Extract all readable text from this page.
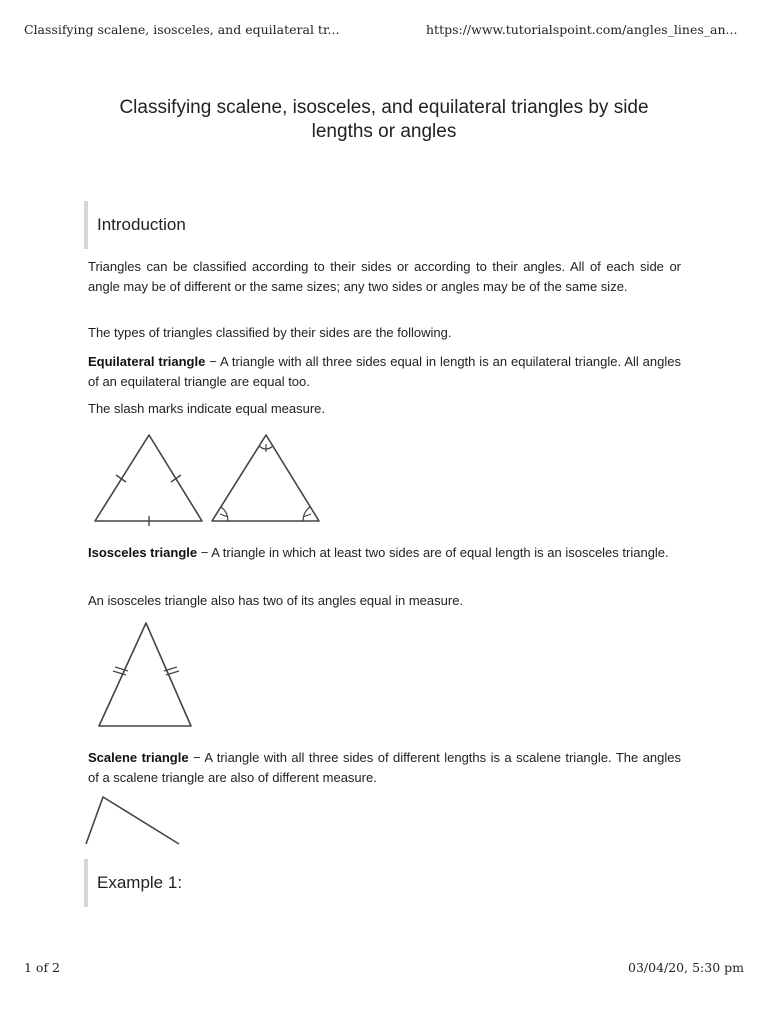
Classifying scalene, isosceles, and equilateral tr...	https://www.tutorialspoint.com/angles_lines_an...
Classifying scalene, isosceles, and equilateral triangles by side lengths or angles
Introduction

Triangles can be classified according to their sides or according to their angles. All of each side or angle may be of different or the same sizes; any two sides or angles may be of the same size.

The types of triangles classified by their sides are the following.

Equilateral triangle − A triangle with all three sides equal in length is an equilateral triangle. All angles of an equilateral triangle are equal too.

The slash marks indicate equal measure.

Isosceles triangle − A triangle in which at least two sides are of equal length is an isosceles triangle.

An isosceles triangle also has two of its angles equal in measure.

Scalene triangle − A triangle with all three sides of different lengths is a scalene triangle. The angles of a scalene triangle are also of different measure.

Example 1:
1 of 2	03/04/20, 5:30 pm
